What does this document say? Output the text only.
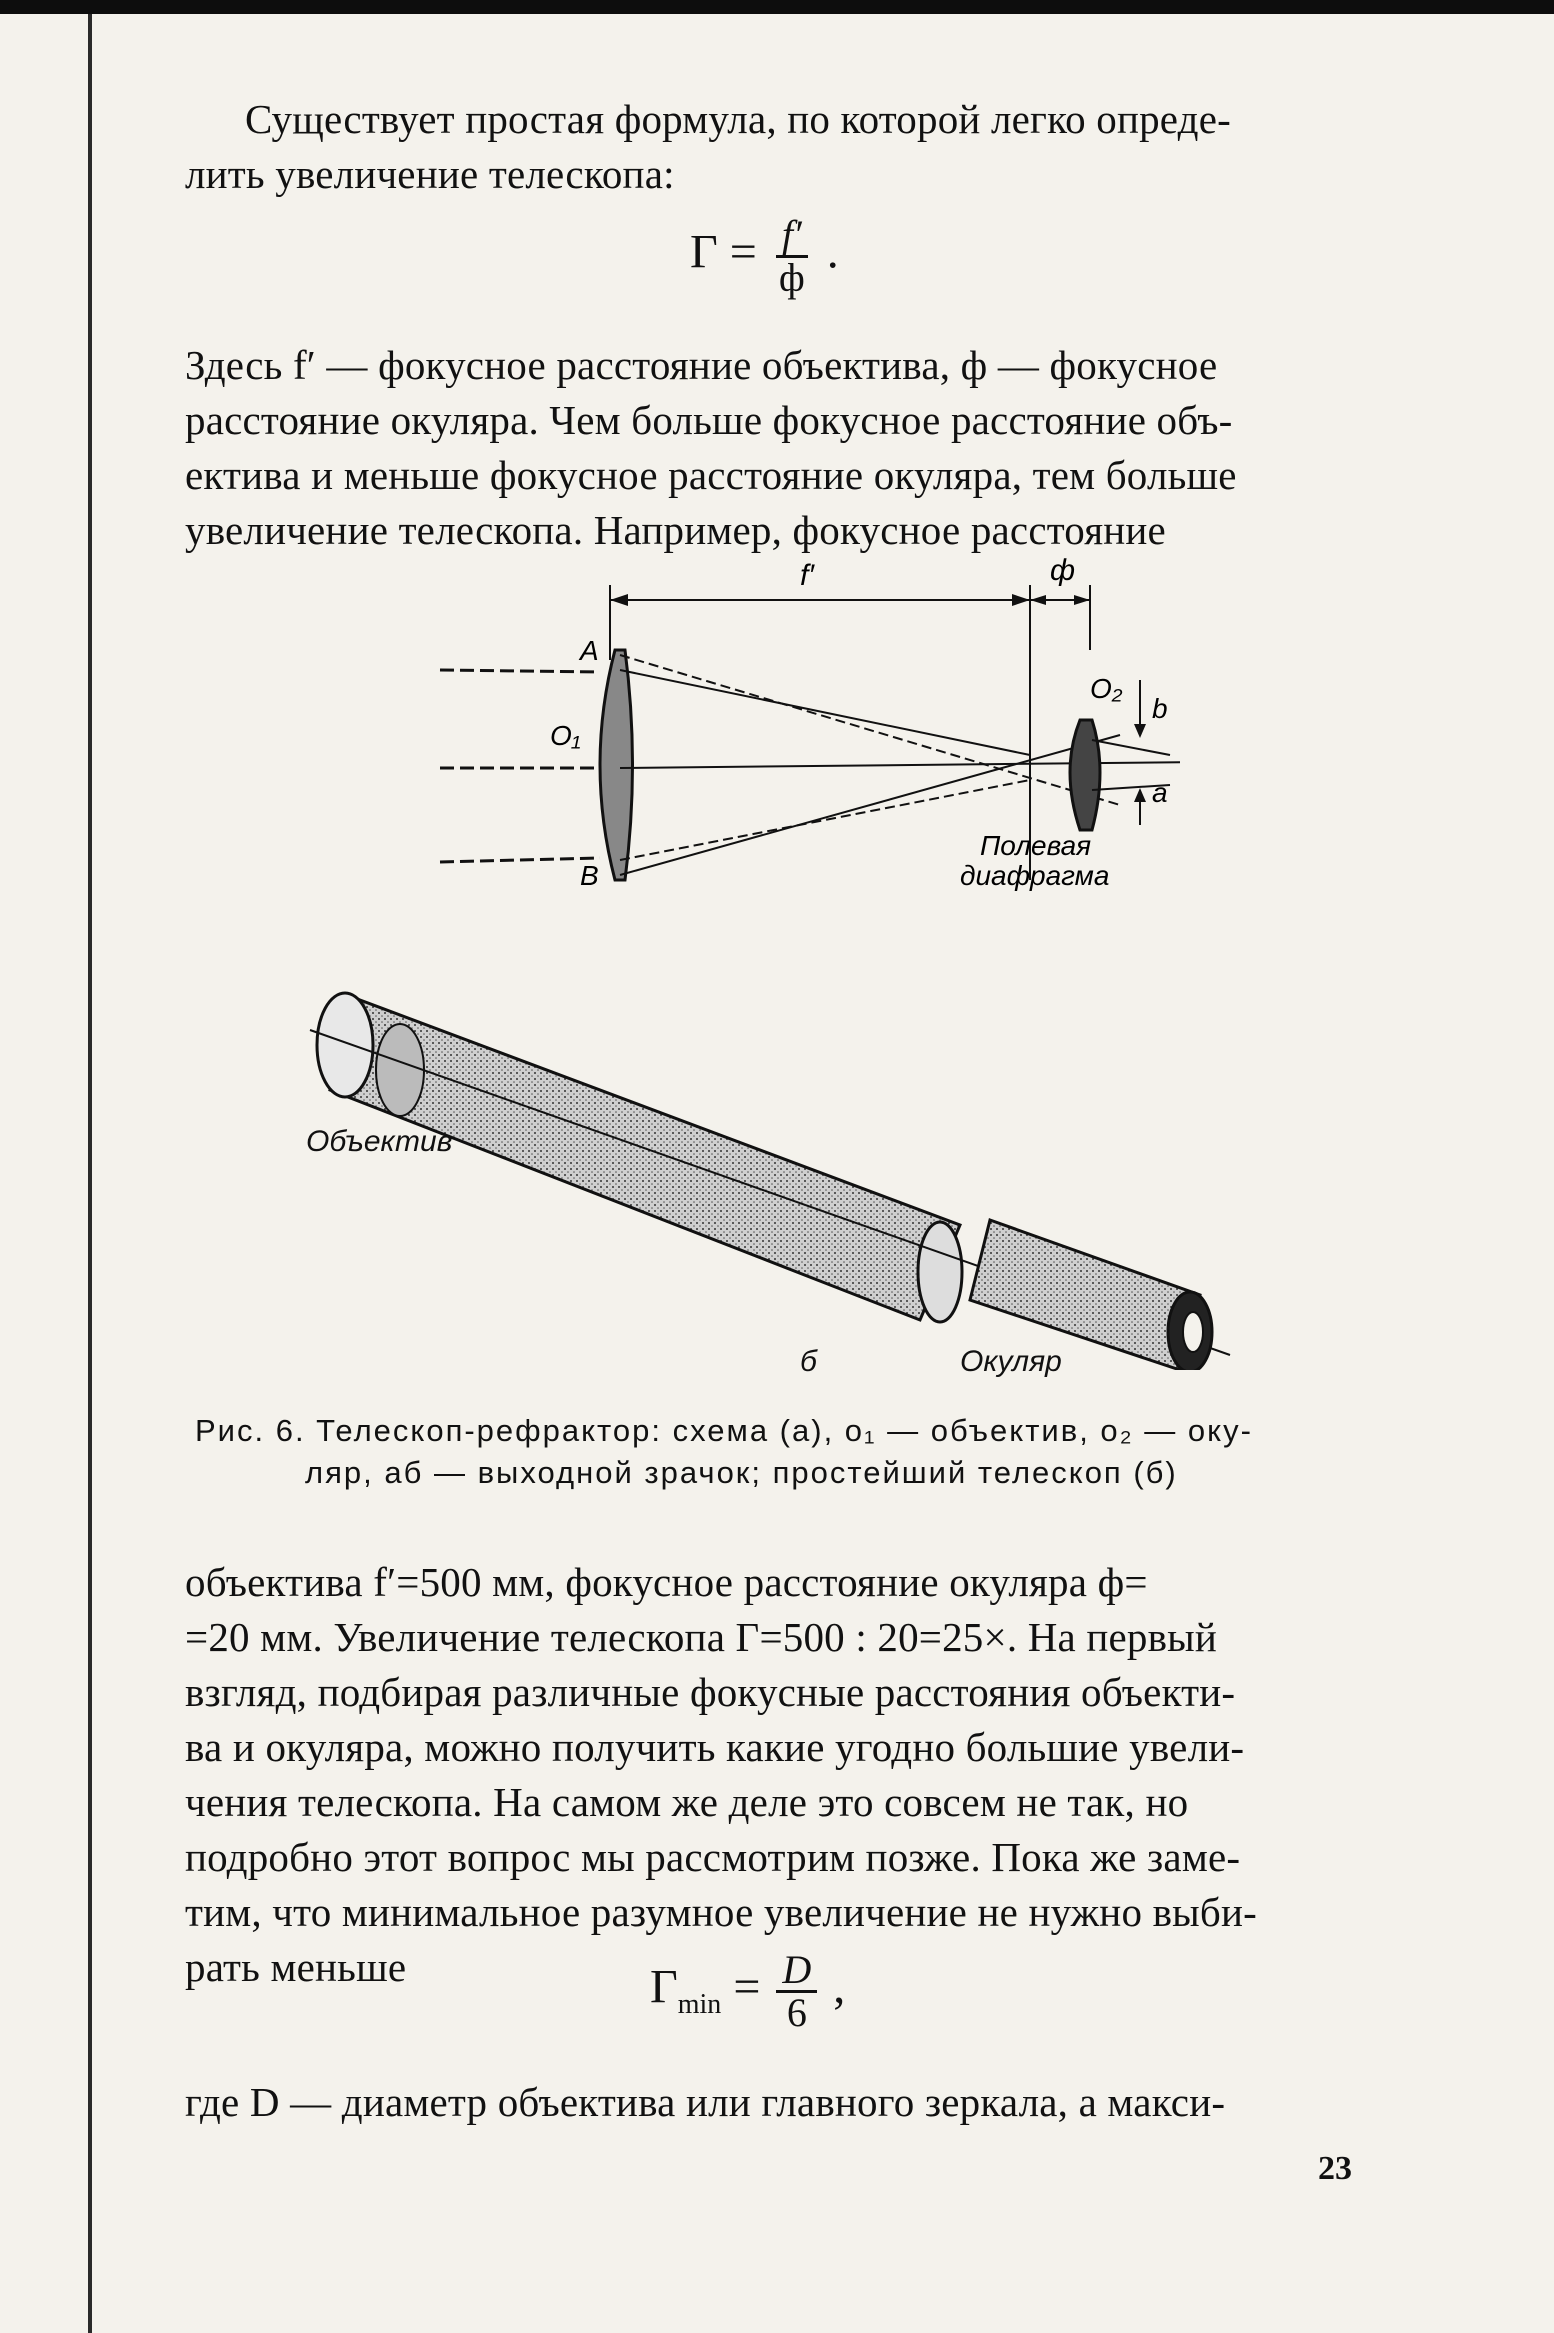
Существует простая формула, по которой легко опреде-

лить увеличение телескопа:

$Г = \frac{f'}{ф}$ .

Здесь f′ — фокусное расстояние объектива, ф — фокусное

расстояние окуляра. Чем больше фокусное расстояние объ-

ектива и меньше фокусное расстояние окуляра, тем больше

увеличение телескопа. Например, фокусное расстояние

f′	ф
A
B
O₁
O₂
b
a
Полевая
диафрагма
Объектив
Окуляр
б
Рис. 6. Телескоп-рефрактор: схема (а), о₁ — объектив, о₂ — оку-
ляр, аб — выходной зрачок; простейший телескоп (б)

объектива f′=500 мм, фокусное расстояние окуляра ф=

=20 мм. Увеличение телескопа Г=500 : 20=25×. На первый

взгляд, подбирая различные фокусные расстояния объекти-

ва и окуляра, можно получить какие угодно большие увели-

чения телескопа. На самом же деле это совсем не так, но

подробно этот вопрос мы рассмотрим позже. Пока же заме-

тим, что минимальное разумное увеличение не нужно выби-

рать меньше	$Г_{min} = \frac{D}{6}$ ,

где D — диаметр объектива или главного зеркала, а макси-

23
